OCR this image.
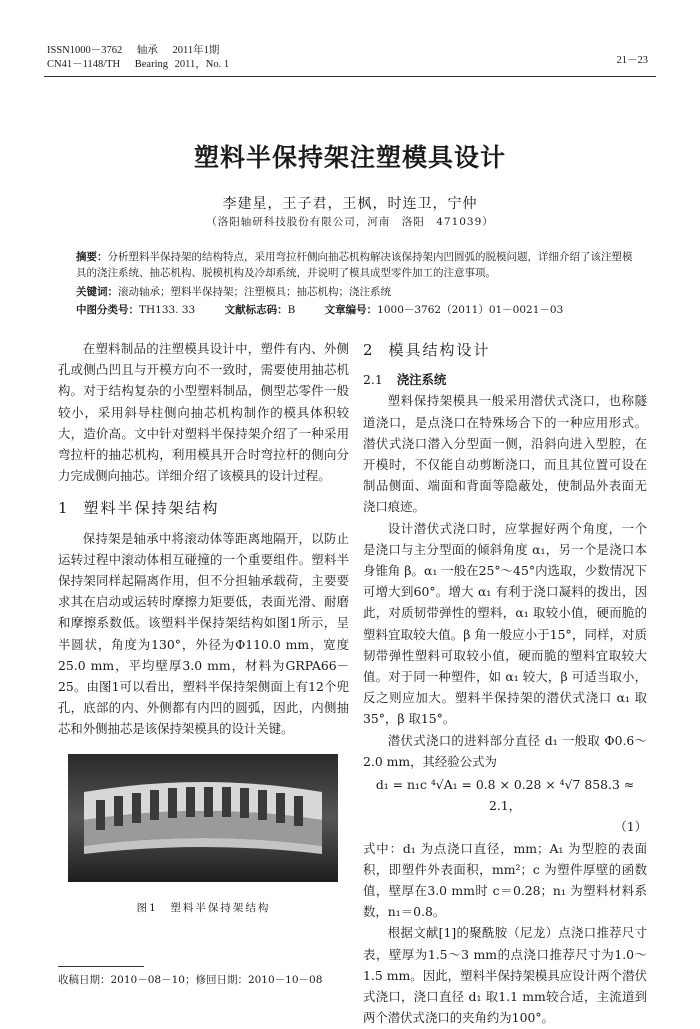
ISSN1000－3762 轴承 2011年1期
CN41－1148/TH Bearing 2011，No. 1	21－23
塑料半保持架注塑模具设计
李建星，王子君，王枫，时连卫，宁仲
（洛阳轴研科技股份有限公司，河南　洛阳　471039）
摘要：分析塑料半保持架的结构特点，采用弯拉杆侧向抽芯机构解决该保持架内凹圆弧的脱模问题，详细介绍了该注塑模具的浇注系统、抽芯机构、脱模机构及冷却系统，并说明了模具成型零件加工的注意事项。
关键词：滚动轴承；塑料半保持架；注塑模具；抽芯机构；浇注系统
中图分类号：TH133. 33	文献标志码：B	文章编号：1000－3762（2011）01－0021－03

在塑料制品的注塑模具设计中，塑件有内、外侧孔或侧凸凹且与开模方向不一致时，需要使用抽芯机构。对于结构复杂的小型塑料制品，侧型芯零件一般较小，采用斜导柱侧向抽芯机构制作的模具体积较大，造价高。文中针对塑料半保持架介绍了一种采用弯拉杆的抽芯机构，利用模具开合时弯拉杆的侧向分力完成侧向抽芯。详细介绍了该模具的设计过程。

1 塑料半保持架结构

保持架是轴承中将滚动体等距离地隔开，以防止运转过程中滚动体相互碰撞的一个重要组件。塑料半保持架同样起隔离作用，但不分担轴承载荷，主要要求其在启动或运转时摩擦力矩要低，表面光滑、耐磨和摩擦系数低。该塑料半保持架结构如图1所示，呈半圆状，角度为130°，外径为Φ110.0 mm，宽度25.0 mm，平均壁厚3.0 mm，材料为GRPA66－25。由图1可以看出，塑料半保持架侧面上有12个兜孔，底部的内、外侧都有内凹的圆弧，因此，内侧抽芯和外侧抽芯是该保持架模具的设计关键。

图1　塑料半保持架结构
2 模具结构设计
2.1 浇注系统

塑料保持架模具一般采用潜伏式浇口，也称隧道浇口，是点浇口在特殊场合下的一种应用形式。潜伏式浇口潜入分型面一侧，沿斜向进入型腔，在开模时，不仅能自动剪断浇口，而且其位置可设在制品侧面、端面和背面等隐蔽处，使制品外表面无浇口痕迹。

设计潜伏式浇口时，应掌握好两个角度，一个是浇口与主分型面的倾斜角度 α₁，另一个是浇口本身锥角 β。α₁ 一般在25°～45°内选取，少数情况下可增大到60°。增大 α₁ 有利于浇口凝料的拨出，因此，对质韧带弹性的塑料，α₁ 取较小值，硬而脆的塑料宜取较大值。β 角一般应小于15°，同样，对质韧带弹性塑料可取较小值，硬而脆的塑料宜取较大值。对于同一种塑件，如 α₁ 较大，β 可适当取小，反之则应加大。塑料半保持架的潜伏式浇口 α₁ 取35°，β 取15°。

潜伏式浇口的进料部分直径 d₁ 一般取 Φ0.6～2.0 mm，其经验公式为

d₁ = n₁c ⁴√A₁ = 0.8 × 0.28 × ⁴√7 858.3 ≈ 2.1，
（1）

式中：d₁ 为点浇口直径，mm；A₁ 为型腔的表面积，即塑件外表面积，mm²；c 为塑件厚壁的函数值，壁厚在3.0 mm时 c＝0.28；n₁ 为塑料材料系数，n₁＝0.8。

根据文献[1]的聚酰胺（尼龙）点浇口推荐尺寸表，壁厚为1.5～3 mm的点浇口推荐尺寸为1.0～1.5 mm。因此，塑料半保持架模具应设计两个潜伏式浇口，浇口直径 d₁ 取1.1 mm较合适，主流道到两个潜伏式浇口的夹角约为100°。

收稿日期：2010－08－10；修回日期：2010－10－08
